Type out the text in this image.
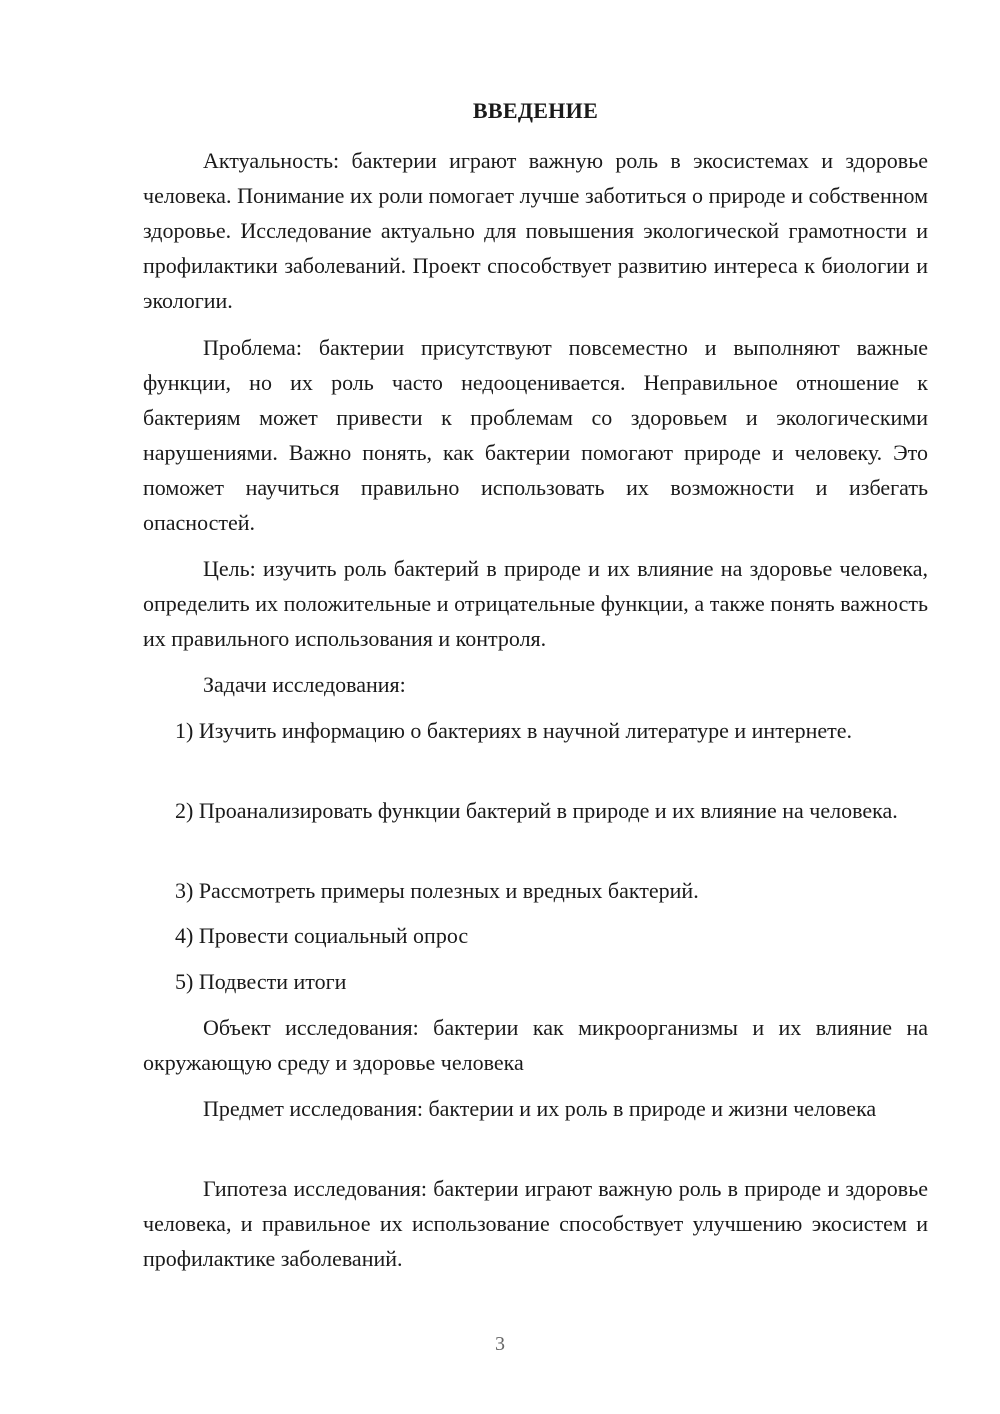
ВВЕДЕНИЕ

Актуальность: бактерии играют важную роль в экосистемах и здоровье человека. Понимание их роли помогает лучше заботиться о природе и собственном здоровье. Исследование актуально для повышения экологической грамотности и профилактики заболеваний. Проект способствует развитию интереса к биологии и экологии.

Проблема: бактерии присутствуют повсеместно и выполняют важные функции, но их роль часто недооценивается. Неправильное отношение к бактериям может привести к проблемам со здоровьем и экологическими нарушениями. Важно понять, как бактерии помогают природе и человеку. Это поможет научиться правильно использовать их возможности и избегать опасностей.

Цель: изучить роль бактерий в природе и их влияние на здоровье человека, определить их положительные и отрицательные функции, а также понять важность их правильного использования и контроля.

Задачи исследования:

1) Изучить информацию о бактериях в научной литературе и интернете.

2) Проанализировать функции бактерий в природе и их влияние на человека.

3) Рассмотреть примеры полезных и вредных бактерий.

4) Провести социальный опрос

5) Подвести итоги

Объект исследования: бактерии как микроорганизмы и их влияние на окружающую среду и здоровье человека

Предмет исследования: бактерии и их роль в природе и жизни человека

Гипотеза исследования: бактерии играют важную роль в природе и здоровье человека, и правильное их использование способствует улучшению экосистем и профилактике заболеваний.

3
